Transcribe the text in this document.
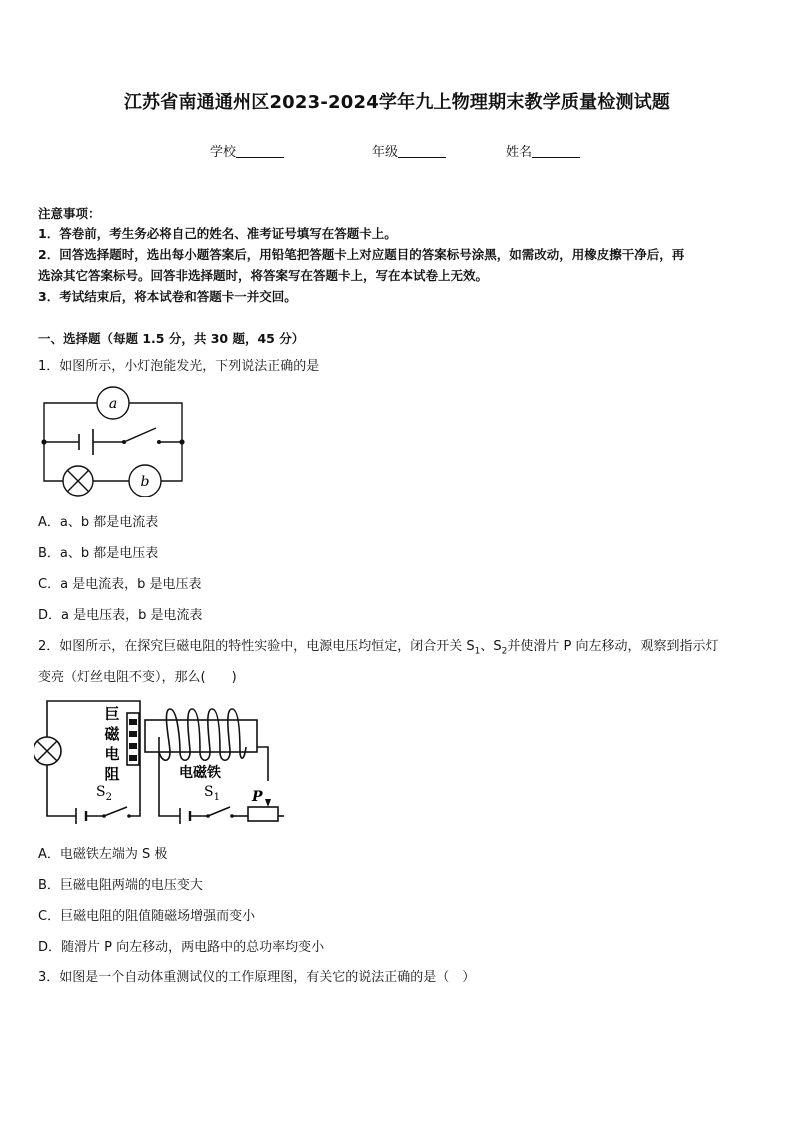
江苏省南通通州区2023-2024学年九上物理期末教学质量检测试题
学校	年级	姓名
注意事项：
1．答卷前，考生务必将自己的姓名、准考证号填写在答题卡上。
2．回答选择题时，选出每小题答案后，用铅笔把答题卡上对应题目的答案标号涂黑，如需改动，用橡皮擦干净后，再
选涂其它答案标号。回答非选择题时，将答案写在答题卡上，写在本试卷上无效。
3．考试结束后，将本试卷和答题卡一并交回。
一、选择题（每题 1.5 分，共 30 题，45 分）
1．如图所示，小灯泡能发光，下列说法正确的是
a
b
A．a、b 都是电流表
B．a、b 都是电压表
C．a 是电流表，b 是电压表
D．a 是电压表，b 是电流表
2．如图所示，在探究巨磁电阻的特性实验中，电源电压均恒定，闭合开关 $S_1$、$S_2$并使滑片 P 向左移动，观察到指示灯
变亮（灯丝电阻不变），那么(　　)
巨
磁
电
阻	电磁铁
$S_2$	$S_1$ P
A．电磁铁左端为 S 极
B．巨磁电阻两端的电压变大
C．巨磁电阻的阻值随磁场增强而变小
D．随滑片 P 向左移动，两电路中的总功率均变小
3．如图是一个自动体重测试仪的工作原理图，有关它的说法正确的是（　）
